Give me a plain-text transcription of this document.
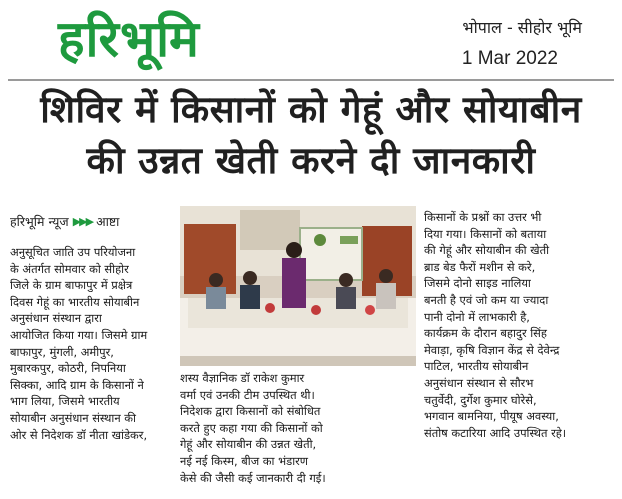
हरिभूमि	भोपाल - सीहोर भूमि
1 Mar 2022
शिविर में किसानों को गेहूं और सोयाबीन
की उन्नत खेती करने दी जानकारी
हरिभूमि न्यूज ▶▶▶ आष्टा
अनुसूचित जाति उप परियोजना
के अंतर्गत सोमवार को सीहोर
जिले के ग्राम बाफापुर में प्रक्षेत्र
दिवस गेहूं का भारतीय सोयाबीन
अनुसंधान संस्थान द्वारा
आयोजित किया गया। जिसमे ग्राम
बाफापुर, मुंगली, अमीपुर,
मुबारकपुर, कोठरी, निपनिया
सिक्का, आदि ग्राम के किसानों ने
भाग लिया, जिसमे भारतीय
सोयाबीन अनुसंधान संस्थान की
ओर से निदेशक डॉ नीता खांडेकर,
शस्य वैज्ञानिक डॉ राकेश कुमार
वर्मा एवं उनकी टीम उपस्थित थी।
निदेशक द्वारा किसानों को संबोधित
करते हुए कहा गया की किसानों को
गेहूं और सोयाबीन की उन्नत खेती,
नई नई किस्म, बीज का भंडारण
केसे की जैसी कई जानकारी दी गई।
किसानों के प्रश्नों का उत्तर भी
दिया गया। किसानों को बताया
की गेहूं और सोयाबीन की खेती
ब्राड बेड फैरों मशीन से करे,
जिसमे दोनो साइड नालिया
बनती है एवं जो कम या ज्यादा
पानी दोनो में लाभकारी है,
कार्यक्रम के दौरान बहादुर सिंह
मेवाड़ा, कृषि विज्ञान केंद्र से देवेन्द्र
पाटिल, भारतीय सोयाबीन
अनुसंधान संस्थान से सौरभ
चतुर्वेदी, दुर्गेश कुमार घोरेसे,
भगवान बामनिया, पीयूष अवस्या,
संतोष कटारिया आदि उपस्थित रहे।
